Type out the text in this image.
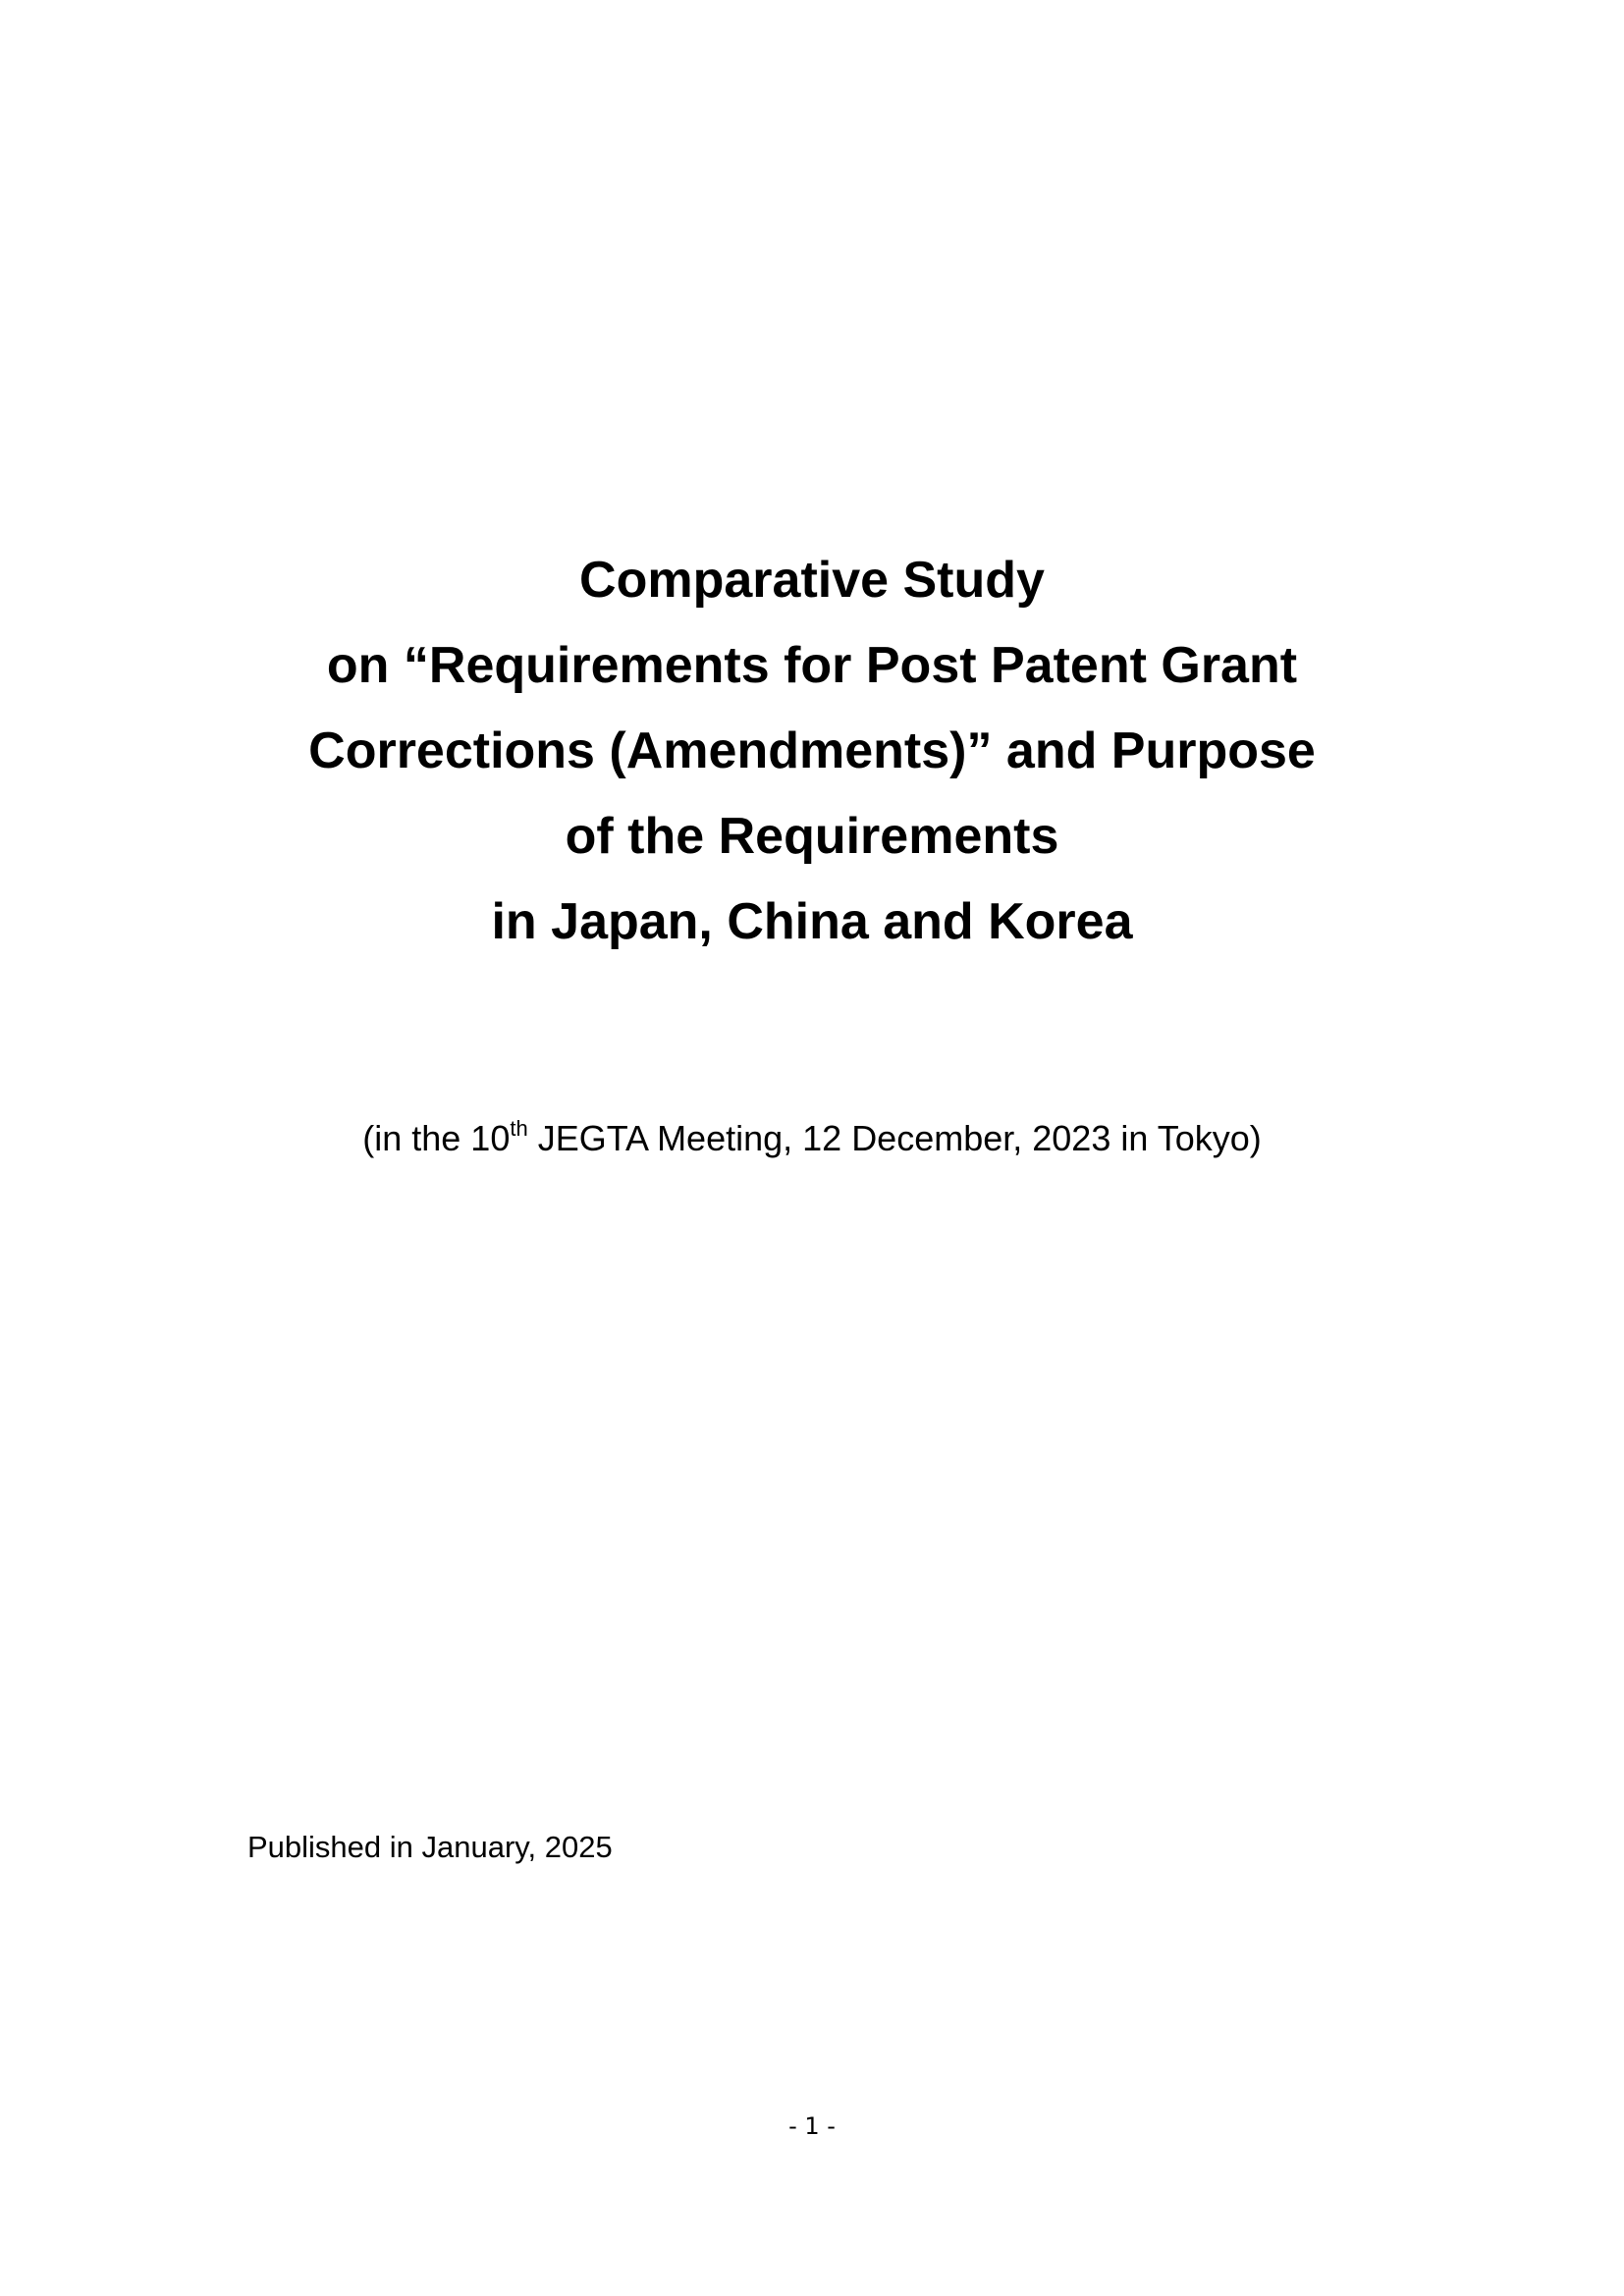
Comparative Study
on “Requirements for Post Patent Grant
Corrections (Amendments)” and Purpose
of the Requirements
in Japan, China and Korea
(in the 10th JEGTA Meeting, 12 December, 2023 in Tokyo)
Published in January, 2025
- 1 -
